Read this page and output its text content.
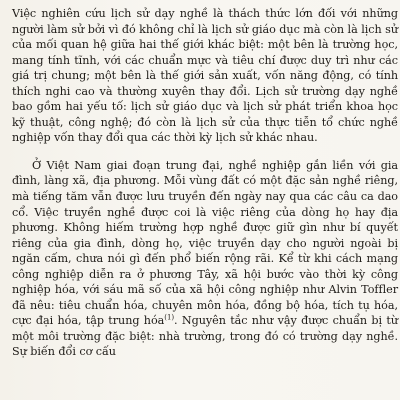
Việc nghiên cứu lịch sử dạy nghề là thách thức lớn đối với những người làm sử bởi vì đó không chỉ là lịch sử giáo dục mà còn là lịch sử của mối quan hệ giữa hai thế giới khác biệt: một bên là trường học, mang tính tĩnh, với các chuẩn mực và tiêu chí được duy trì như các giá trị chung; một bên là thế giới sản xuất, vốn năng động, có tính thích nghi cao và thường xuyên thay đổi. Lịch sử trường dạy nghề bao gồm hai yếu tố: lịch sử giáo dục và lịch sử phát triển khoa học kỹ thuật, công nghệ; đó còn là lịch sử của thực tiễn tổ chức nghề nghiệp vốn thay đổi qua các thời kỳ lịch sử khác nhau.

Ở Việt Nam giai đoạn trung đại, nghề nghiệp gắn liền với gia đình, làng xã, địa phương. Mỗi vùng đất có một đặc sản nghề riêng, mà tiếng tăm vẫn được lưu truyền đến ngày nay qua các câu ca dao cổ. Việc truyền nghề được coi là việc riêng của dòng họ hay địa phương. Không hiếm trường hợp nghề được giữ gìn như bí quyết riêng của gia đình, dòng họ, việc truyền dạy cho người ngoài bị ngăn cấm, chưa nói gì đến phổ biến rộng rãi. Kể từ khi cách mạng công nghiệp diễn ra ở phương Tây, xã hội bước vào thời kỳ công nghiệp hóa, với sáu mã số của xã hội công nghiệp như Alvin Toffler đã nêu: tiêu chuẩn hóa, chuyên môn hóa, đồng bộ hóa, tích tụ hóa, cực đại hóa, tập trung hóa$^{(1)}$. Nguyên tắc như vậy được chuẩn bị từ một môi trường đặc biệt: nhà trường, trong đó có trường dạy nghề. Sự biến đổi cơ cấu
